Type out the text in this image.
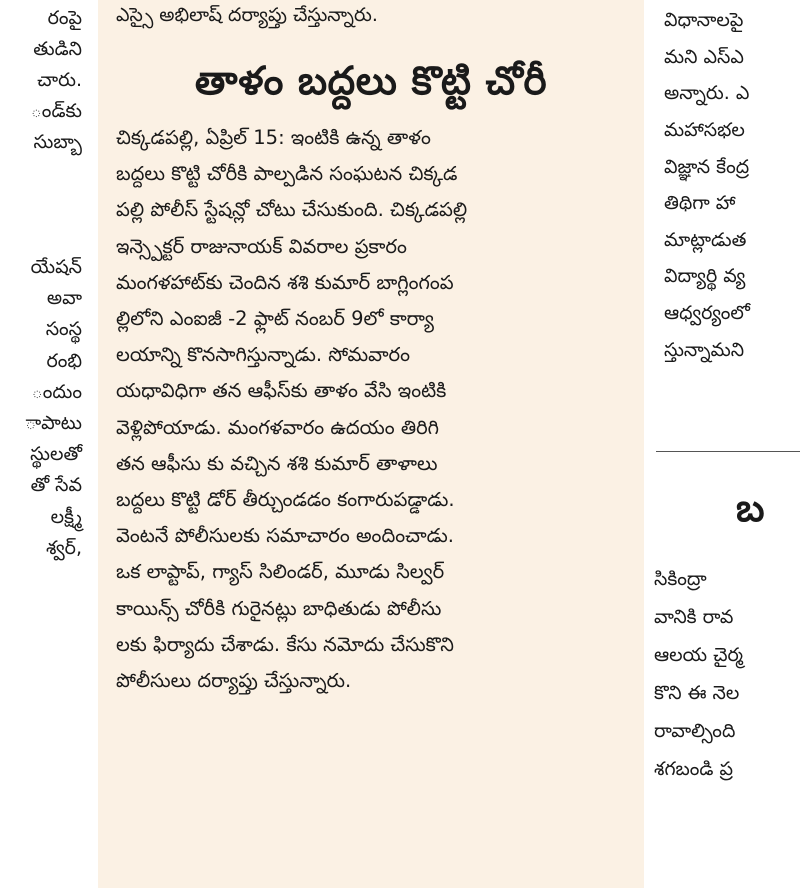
రంపై
తుడిని
చారు.
ండ్‌కు
సుబ్బా
యేషన్
అవా
సంస్థ
రంభి
ందుం
ాపాటు
స్థులతో
తో సేవ
లక్ష్మీ
శ్వర్,
ఎస్సై అభిలాష్ దర్యాప్తు చేస్తున్నారు.
తాళం బద్దలు కొట్టి చోరీ
చిక్కడపల్లి, ఏప్రిల్ 15: ఇంటికి ఉన్న తాళం
బద్దలు కొట్టి చోరీకి పాల్పడిన సంఘటన చిక్కడ
పల్లి పోలీస్ స్టేషన్లో చోటు చేసుకుంది. చిక్కడపల్లి
ఇన్స్పెక్టర్ రాజునాయక్ వివరాల ప్రకారం
మంగళహాట్‌కు చెందిన శశి కుమార్ బాగ్లింగంప
ల్లిలోని ఎంఐజీ -2 ఫ్లాట్ నంబర్ 9లో కార్యా
లయాన్ని కొనసాగిస్తున్నాడు. సోమవారం
యధావిధిగా తన ఆఫీస్‌కు తాళం వేసి ఇంటికి
వెళ్లిపోయాడు. మంగళవారం ఉదయం తిరిగి
తన ఆఫీసు కు వచ్చిన శశి కుమార్ తాళాలు
బద్దలు కొట్టి డోర్ తీర్చుండడం కంగారుపడ్డాడు.
వెంటనే పోలీసులకు సమాచారం అందించాడు.
ఒక లాప్టాప్, గ్యాస్ సిలిండర్, మూడు సిల్వర్
కాయిన్స్ చోరీకి గురైనట్లు బాధితుడు పోలీసు
లకు ఫిర్యాదు చేశాడు. కేసు నమోదు చేసుకొని
పోలీసులు దర్యాప్తు చేస్తున్నారు.
విధానాలపై
మని ఎస్ఎ
అన్నారు. ఎ
మహాసభల
విజ్ఞాన కేంద్ర
తిథిగా హా
మాట్లాడుత
విద్యార్థి వ్య
ఆధ్వర్యంలో
స్తున్నామని
బ
సికింద్రా
వానికి రావ
ఆలయ చైర్మ
కొని ఈ నెల
రావాల్సింది
శగబండి ప్ర
